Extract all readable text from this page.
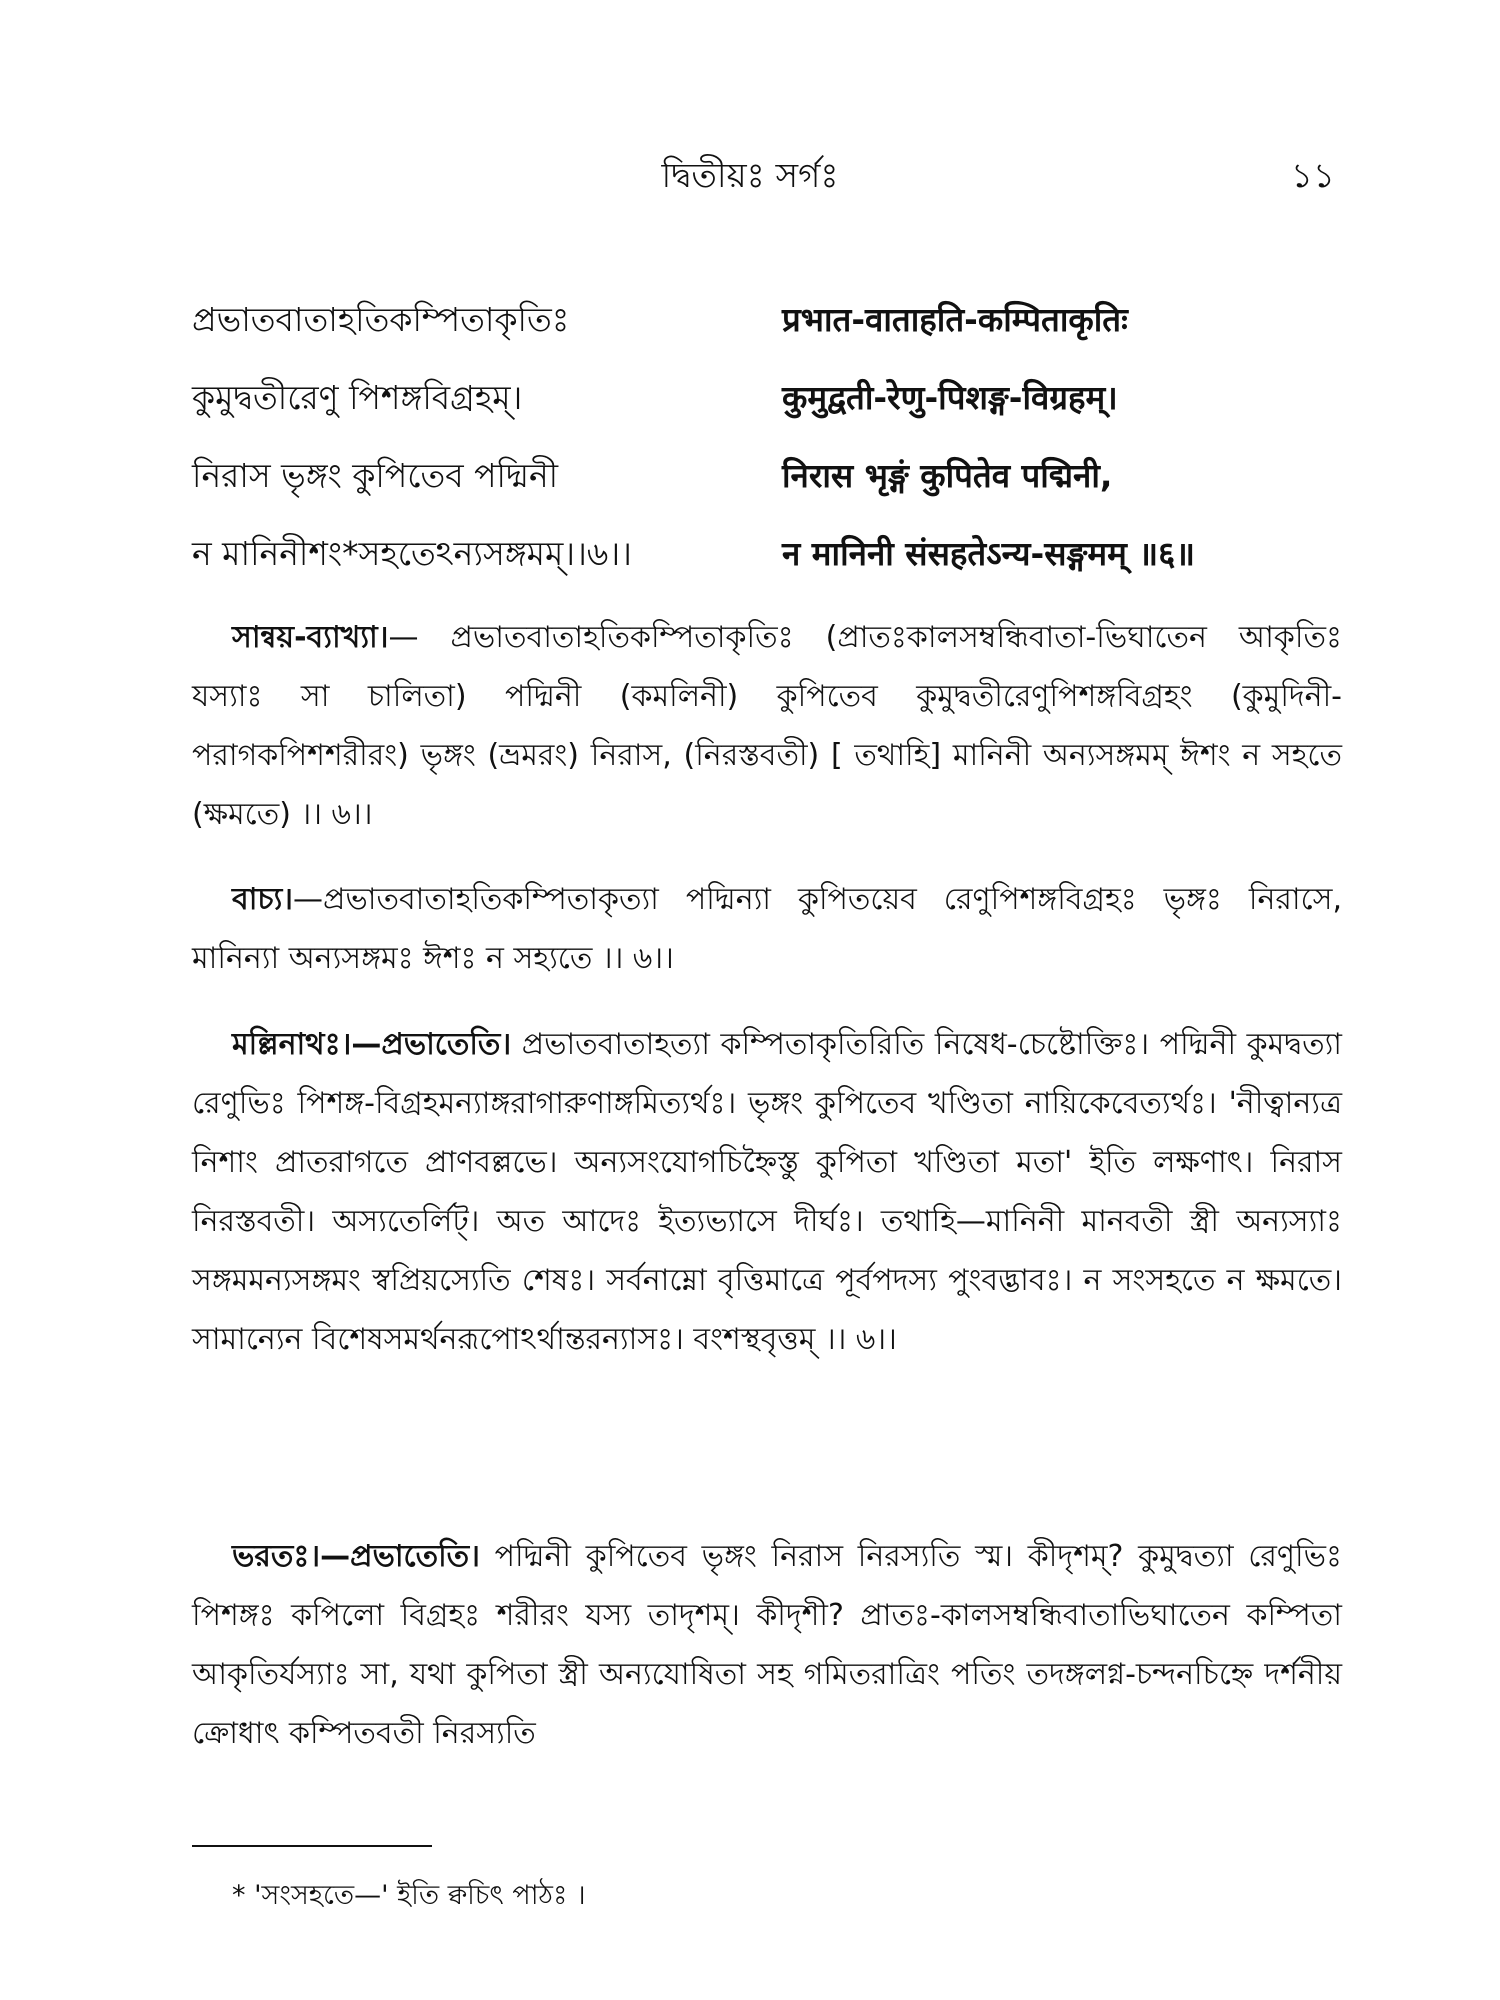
দ্বিতীয়ঃ সর্গঃ	১১
প্রভাতবাতাহতিকম্পিতাকৃতিঃ
কুমুদ্বতীরেণু পিশঙ্গবিগ্রহম্।
নিরাস ভৃঙ্গং কুপিতেব পদ্মিনী
ন মানিনীশং*সহতেঽন্যসঙ্গমম্।।৬।।
प्रभात-वाताहति-कम्पिताकृतिः
कुमुद्वती-रेणु-पिशङ्ग-विग्रहम्।
निरास भृङ्गं कुपितेव पद्मिनी,
न मानिनी संसहतेऽन्य-सङ्गमम् ॥६॥
সান্বয়-ব্যাখ্যা।— প্রভাতবাতাহতিকম্পিতাকৃতিঃ (প্রাতঃকালসম্বন্ধিবাতা-ভিঘাতেন আকৃতিঃ যস্যাঃ সা চালিতা) পদ্মিনী (কমলিনী) কুপিতেব কুমুদ্বতীরেণুপিশঙ্গবিগ্রহং (কুমুদিনী-পরাগকপিশশরীরং) ভৃঙ্গং (ভ্রমরং) নিরাস, (নিরস্তবতী) [ তথাহি] মানিনী অন্যসঙ্গমম্ ঈশং ন সহতে (ক্ষমতে) ।। ৬।।
বাচ্য।—প্রভাতবাতাহতিকম্পিতাকৃত্যা পদ্মিন্যা কুপিতয়েব রেণুপিশঙ্গবিগ্রহঃ ভৃঙ্গঃ নিরাসে, মানিন্যা অন্যসঙ্গমঃ ঈশঃ ন সহ্যতে ।। ৬।।
মল্লিনাথঃ।—প্রভাতেতি। প্রভাতবাতাহত্যা কম্পিতাকৃতিরিতি নিষেধ-চেষ্টোক্তিঃ। পদ্মিনী কুমদ্বত্যা রেণুভিঃ পিশঙ্গ-বিগ্রহমন্যাঙ্গরাগারুণাঙ্গমিত্যর্থঃ। ভৃঙ্গং কুপিতেব খণ্ডিতা নায়িকেবেত্যর্থঃ। 'নীত্বান্যত্র নিশাং প্রাতরাগতে প্রাণবল্লভে। অন্যসংযোগচিহ্নৈস্তু কুপিতা খণ্ডিতা মতা' ইতি লক্ষণাৎ। নিরাস নিরস্তবতী। অস্যতের্লিট্। অত আদেঃ ইত্যভ্যাসে দীর্ঘঃ। তথাহি—মানিনী মানবতী স্ত্রী অন্যস্যাঃ সঙ্গমমন্যসঙ্গমং স্বপ্রিয়স্যেতি শেষঃ। সর্বনাম্নো বৃত্তিমাত্রে পূর্বপদস্য পুংবদ্ভাবঃ। ন সংসহতে ন ক্ষমতে। সামান্যেন বিশেষসমর্থনরূপোঽর্থান্তরন্যাসঃ। বংশস্থবৃত্তম্ ।। ৬।।
ভরতঃ।—প্রভাতেতি। পদ্মিনী কুপিতেব ভৃঙ্গং নিরাস নিরস্যতি স্ম। কীদৃশম্? কুমুদ্বত্যা রেণুভিঃ পিশঙ্গঃ কপিলো বিগ্রহঃ শরীরং যস্য তাদৃশম্। কীদৃশী? প্রাতঃ-কালসম্বন্ধিবাতাভিঘাতেন কম্পিতা আকৃতির্যস্যাঃ সা, যথা কুপিতা স্ত্রী অন্যযোষিতা সহ গমিতরাত্রিং পতিং তদঙ্গলগ্ন-চন্দনচিহ্নে দর্শনীয় ক্রোধাৎ কম্পিতবতী নিরস্যতি
* 'সংসহতে—' ইতি ক্বচিৎ পাঠঃ ।
